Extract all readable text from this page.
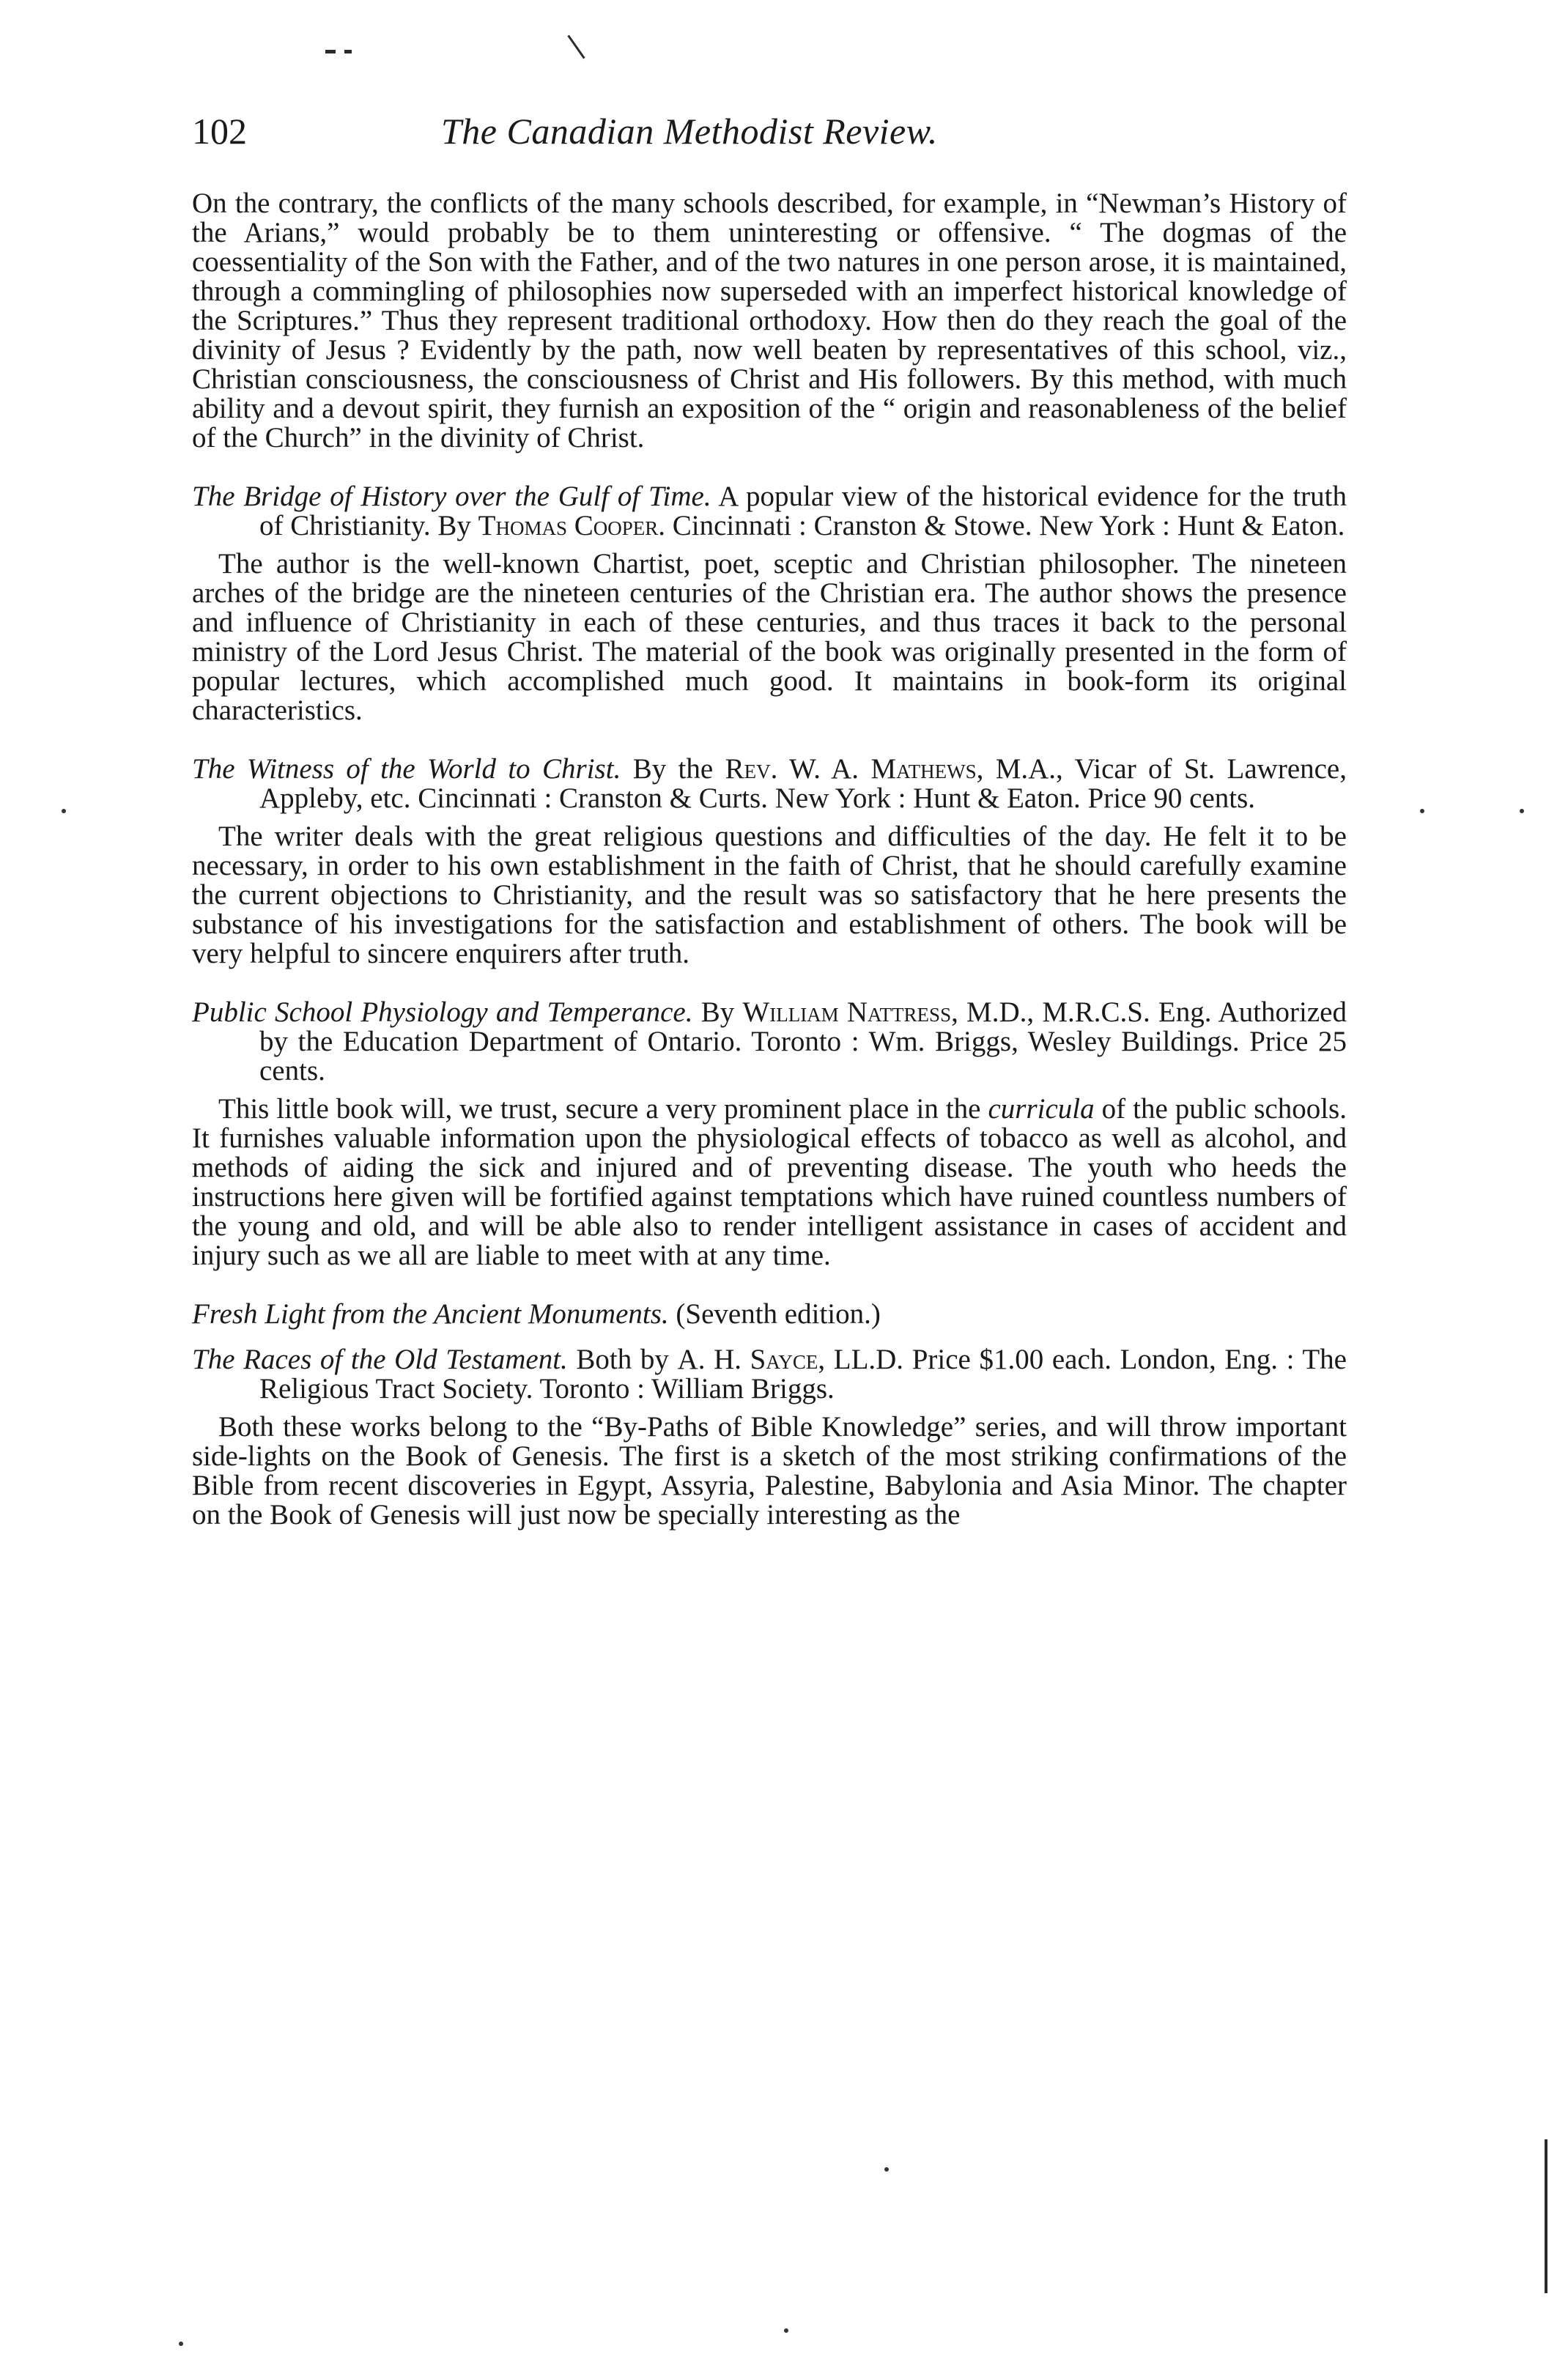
102	The Canadian Methodist Review.

On the contrary, the conflicts of the many schools described, for example, in “Newman’s History of the Arians,” would probably be to them uninteresting or offensive. “ The dogmas of the coessentiality of the Son with the Father, and of the two natures in one person arose, it is maintained, through a commingling of philosophies now superseded with an imperfect historical knowledge of the Scriptures.” Thus they represent traditional orthodoxy. How then do they reach the goal of the divinity of Jesus ? Evidently by the path, now well beaten by representatives of this school, viz., Christian consciousness, the consciousness of Christ and His followers. By this method, with much ability and a devout spirit, they furnish an exposition of the “ origin and reasonableness of the belief of the Church” in the divinity of Christ.

The Bridge of History over the Gulf of Time. A popular view of the historical evidence for the truth of Christianity. By Thomas Cooper. Cincinnati : Cranston & Stowe. New York : Hunt & Eaton.

The author is the well-known Chartist, poet, sceptic and Christian philosopher. The nineteen arches of the bridge are the nineteen centuries of the Christian era. The author shows the presence and influence of Christianity in each of these centuries, and thus traces it back to the personal ministry of the Lord Jesus Christ. The material of the book was originally presented in the form of popular lectures, which accomplished much good. It maintains in book-form its original characteristics.

The Witness of the World to Christ. By the Rev. W. A. Mathews, M.A., Vicar of St. Lawrence, Appleby, etc. Cincinnati : Cranston & Curts. New York : Hunt & Eaton. Price 90 cents.

The writer deals with the great religious questions and difficulties of the day. He felt it to be necessary, in order to his own establishment in the faith of Christ, that he should carefully examine the current objections to Christianity, and the result was so satisfactory that he here presents the substance of his investigations for the satisfaction and establishment of others. The book will be very helpful to sincere enquirers after truth.

Public School Physiology and Temperance. By William Nattress, M.D., M.R.C.S. Eng. Authorized by the Education Department of Ontario. Toronto : Wm. Briggs, Wesley Buildings. Price 25 cents.

This little book will, we trust, secure a very prominent place in the curricula of the public schools. It furnishes valuable information upon the physiological effects of tobacco as well as alcohol, and methods of aiding the sick and injured and of preventing disease. The youth who heeds the instructions here given will be fortified against temptations which have ruined countless numbers of the young and old, and will be able also to render intelligent assistance in cases of accident and injury such as we all are liable to meet with at any time.

Fresh Light from the Ancient Monuments. (Seventh edition.)

The Races of the Old Testament. Both by A. H. Sayce, LL.D. Price $1.00 each. London, Eng. : The Religious Tract Society. Toronto : William Briggs.

Both these works belong to the “By-Paths of Bible Knowledge” series, and will throw important side-lights on the Book of Genesis. The first is a sketch of the most striking confirmations of the Bible from recent discoveries in Egypt, Assyria, Palestine, Babylonia and Asia Minor. The chapter on the Book of Genesis will just now be specially interesting as the
